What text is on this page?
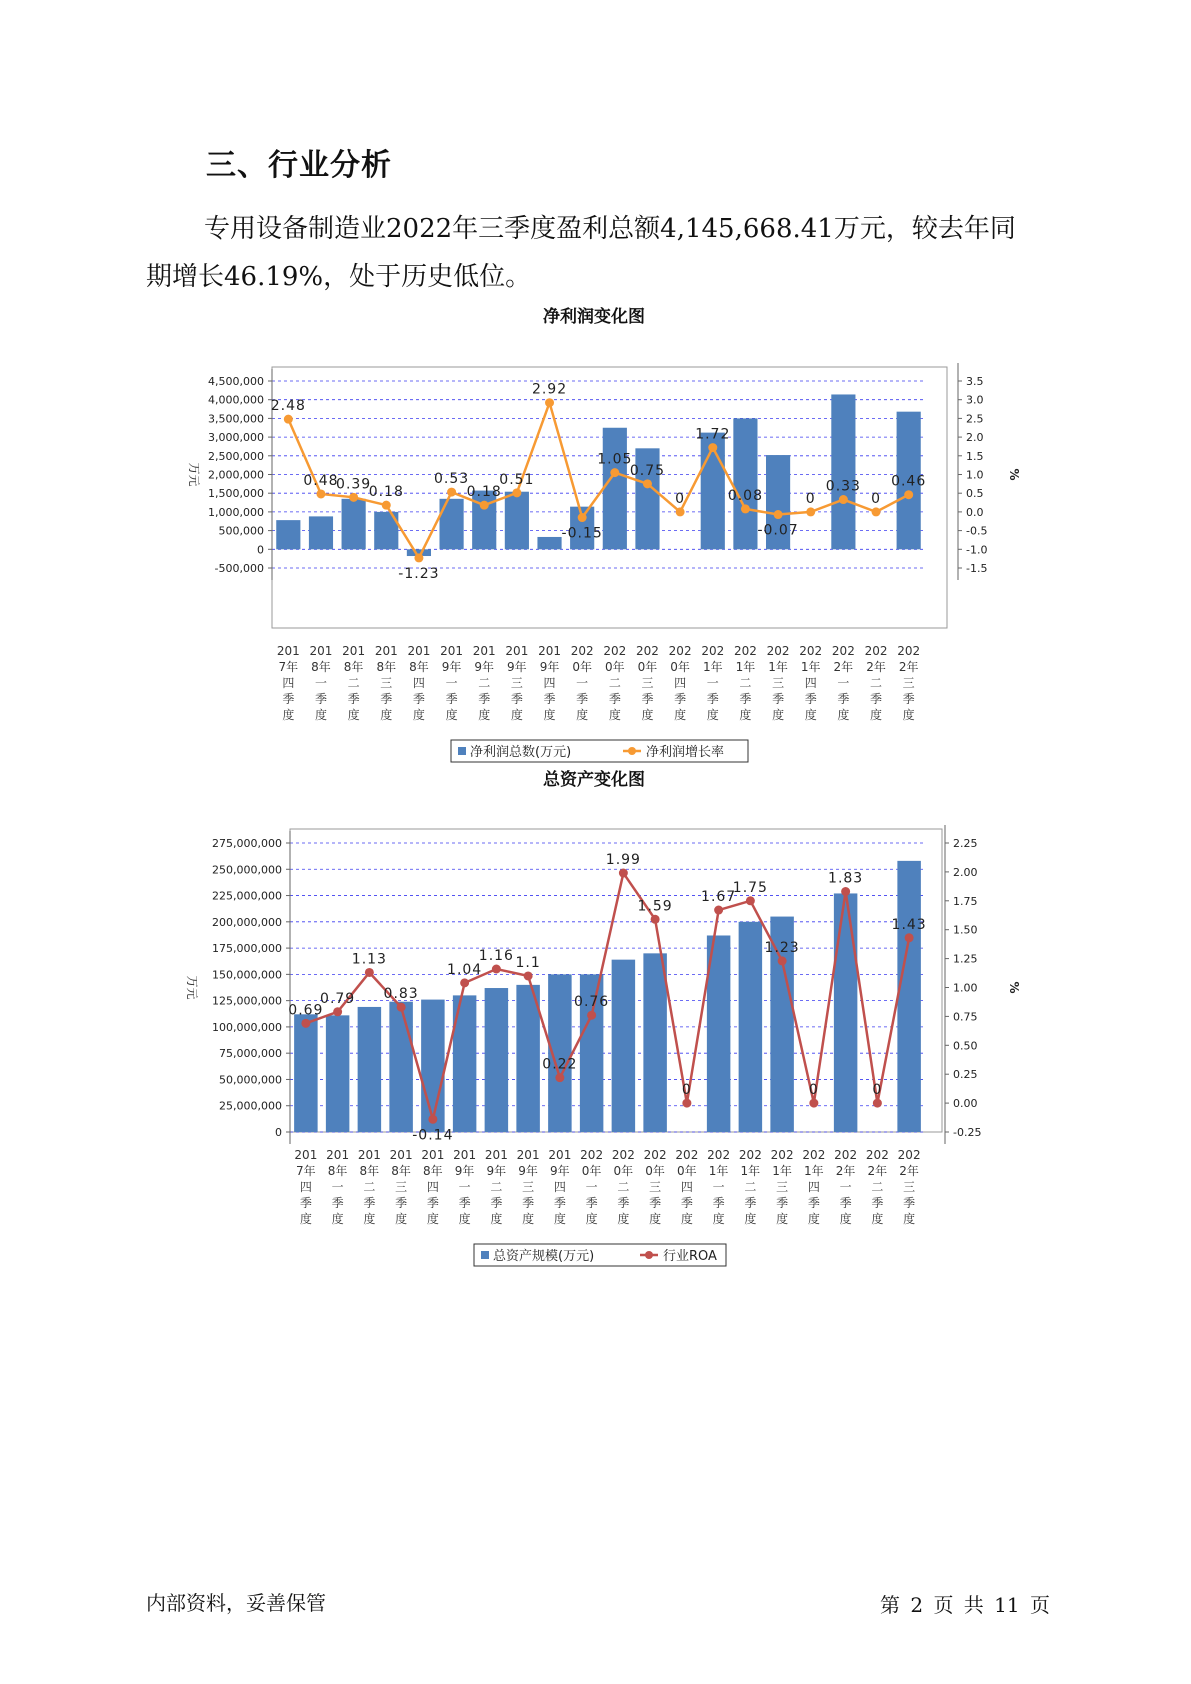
三、行业分析
专用设备制造业2022年三季度盈利总额4,145,668.41万元，较去年同
期增长46.19%，处于历史低位。
净利润变化图
4,500,000
4,000,000
3,500,000
3,000,000
2,500,000
2,000,000
1,500,000
1,000,000
500,000
0
-500,000
3.5
3.0
2.5
2.0
1.5
1.0
0.5
0.0
-0.5
-1.0
-1.5
万元	%
2.48
0.48
0.39
0.18
-1.23
0.53
0.18
0.51
2.92
-0.15
1.05
0.75
0
1.72
0.08
-0.07
0
0.33
0
0.46
201
7年
四
季
度
201
8年
一
季
度
201
8年
二
季
度
201
8年
三
季
度
201
8年
四
季
度
201
9年
一
季
度
201
9年
二
季
度
201
9年
三
季
度
201
9年
四
季
度
202
0年
一
季
度
202
0年
二
季
度
202
0年
三
季
度
202
0年
四
季
度
202
1年
一
季
度
202
1年
二
季
度
202
1年
三
季
度
202
1年
四
季
度
202
2年
一
季
度
202
2年
二
季
度
202
2年
三
季
度
净利润总数(万元)	净利润增长率
总资产变化图
275,000,000
250,000,000
225,000,000
200,000,000
175,000,000
150,000,000
125,000,000
100,000,000
75,000,000
50,000,000
25,000,000
0
2.25
2.00
1.75
1.50
1.25
1.00
0.75
0.50
0.25
0.00
-0.25
万元	%
0.69
0.79
1.13
0.83
-0.14
1.04
1.16 1.1
0.22
0.76
1.99
1.59
0
1.67
1.75
1.23
0
1.83
0
1.43
201
7年
四
季
度
201
8年
一
季
度
201
8年
二
季
度
201
8年
三
季
度
201
8年
四
季
度
201
9年
一
季
度
201
9年
二
季
度
201
9年
三
季
度
201
9年
四
季
度
202
0年
一
季
度
202
0年
二
季
度
202
0年
三
季
度
202
0年
四
季
度
202
1年
一
季
度
202
1年
二
季
度
202
1年
三
季
度
202
1年
四
季
度
202
2年
一
季
度
202
2年
二
季
度
202
2年
三
季
度
总资产规模(万元)	行业ROA
内部资料，妥善保管	第 2 页 共 11 页
